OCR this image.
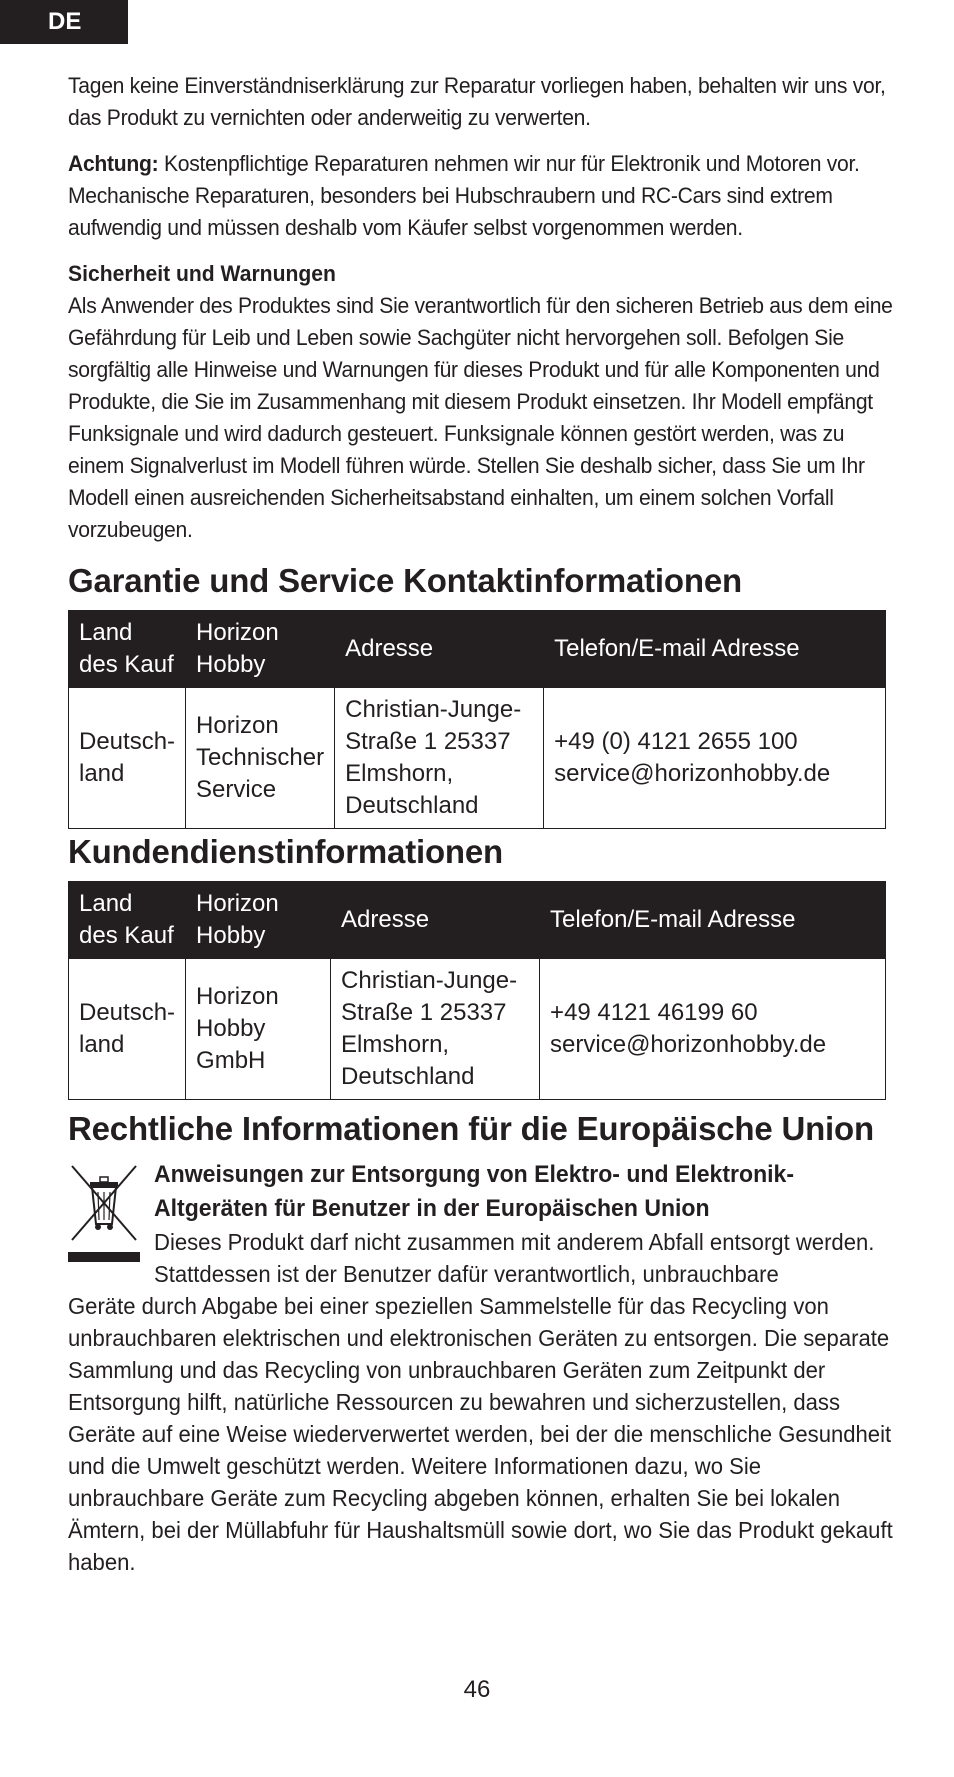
DE

Tagen keine Einverständniserklärung zur Reparatur vorliegen haben, behalten wir uns vor, das Produkt zu vernichten oder anderweitig zu verwerten.

Achtung: Kostenpflichtige Reparaturen nehmen wir nur für Elektronik und Motoren vor. Mechanische Reparaturen, besonders bei Hubschraubern und RC-Cars sind extrem aufwendig und müssen deshalb vom Käufer selbst vorgenommen werden.

Sicherheit und Warnungen

Als Anwender des Produktes sind Sie verantwortlich für den sicheren Betrieb aus dem eine Gefährdung für Leib und Leben sowie Sachgüter nicht hervorgehen soll. Befolgen Sie sorgfältig alle Hinweise und Warnungen für dieses Produkt und für alle Komponenten und Produkte, die Sie im Zusammenhang mit diesem Produkt einsetzen. Ihr Modell empfängt Funksignale und wird dadurch gesteuert. Funksignale können gestört werden, was zu einem Signalverlust im Modell führen würde. Stellen Sie deshalb sicher, dass Sie um Ihr Modell einen ausreichenden Sicherheitsabstand einhalten, um einem solchen Vorfall vorzubeugen.

Garantie und Service Kontaktinformationen
Land des Kauf	Horizon Hobby	Adresse	Telefon/E-mail Adresse
Deutsch- land	Horizon Technischer Service	Christian-Junge- Straße 1 25337 Elmshorn, Deutschland	+49 (0) 4121 2655 100 service@horizonhobby.de
Kundendienstinformationen
Land des Kauf	Horizon Hobby	Adresse	Telefon/E-mail Adresse
Deutsch- land	Horizon Hobby GmbH	Christian-Junge- Straße 1 25337 Elmshorn, Deutschland	+49 4121 46199 60 service@horizonhobby.de
Rechtliche Informationen für die Europäische Union
Anweisungen zur Entsorgung von Elektro- und Elektronik-Altgeräten für Benutzer in der Europäischen Union
Dieses Produkt darf nicht zusammen mit anderem Abfall entsorgt werden. Stattdessen ist der Benutzer dafür verantwortlich, unbrauchbare
Geräte durch Abgabe bei einer speziellen Sammelstelle für das Recycling von unbrauchbaren elektrischen und elektronischen Geräten zu entsorgen. Die separate Sammlung und das Recycling von unbrauchbaren Geräten zum Zeitpunkt der Entsorgung hilft, natürliche Ressourcen zu bewahren und sicherzustellen, dass Geräte auf eine Weise wiederverwertet werden, bei der die menschliche Gesundheit und die Umwelt geschützt werden. Weitere Informationen dazu, wo Sie unbrauchbare Geräte zum Recycling abgeben können, erhalten Sie bei lokalen Ämtern, bei der Müllabfuhr für Haushaltsmüll sowie dort, wo Sie das Produkt gekauft haben.
46
